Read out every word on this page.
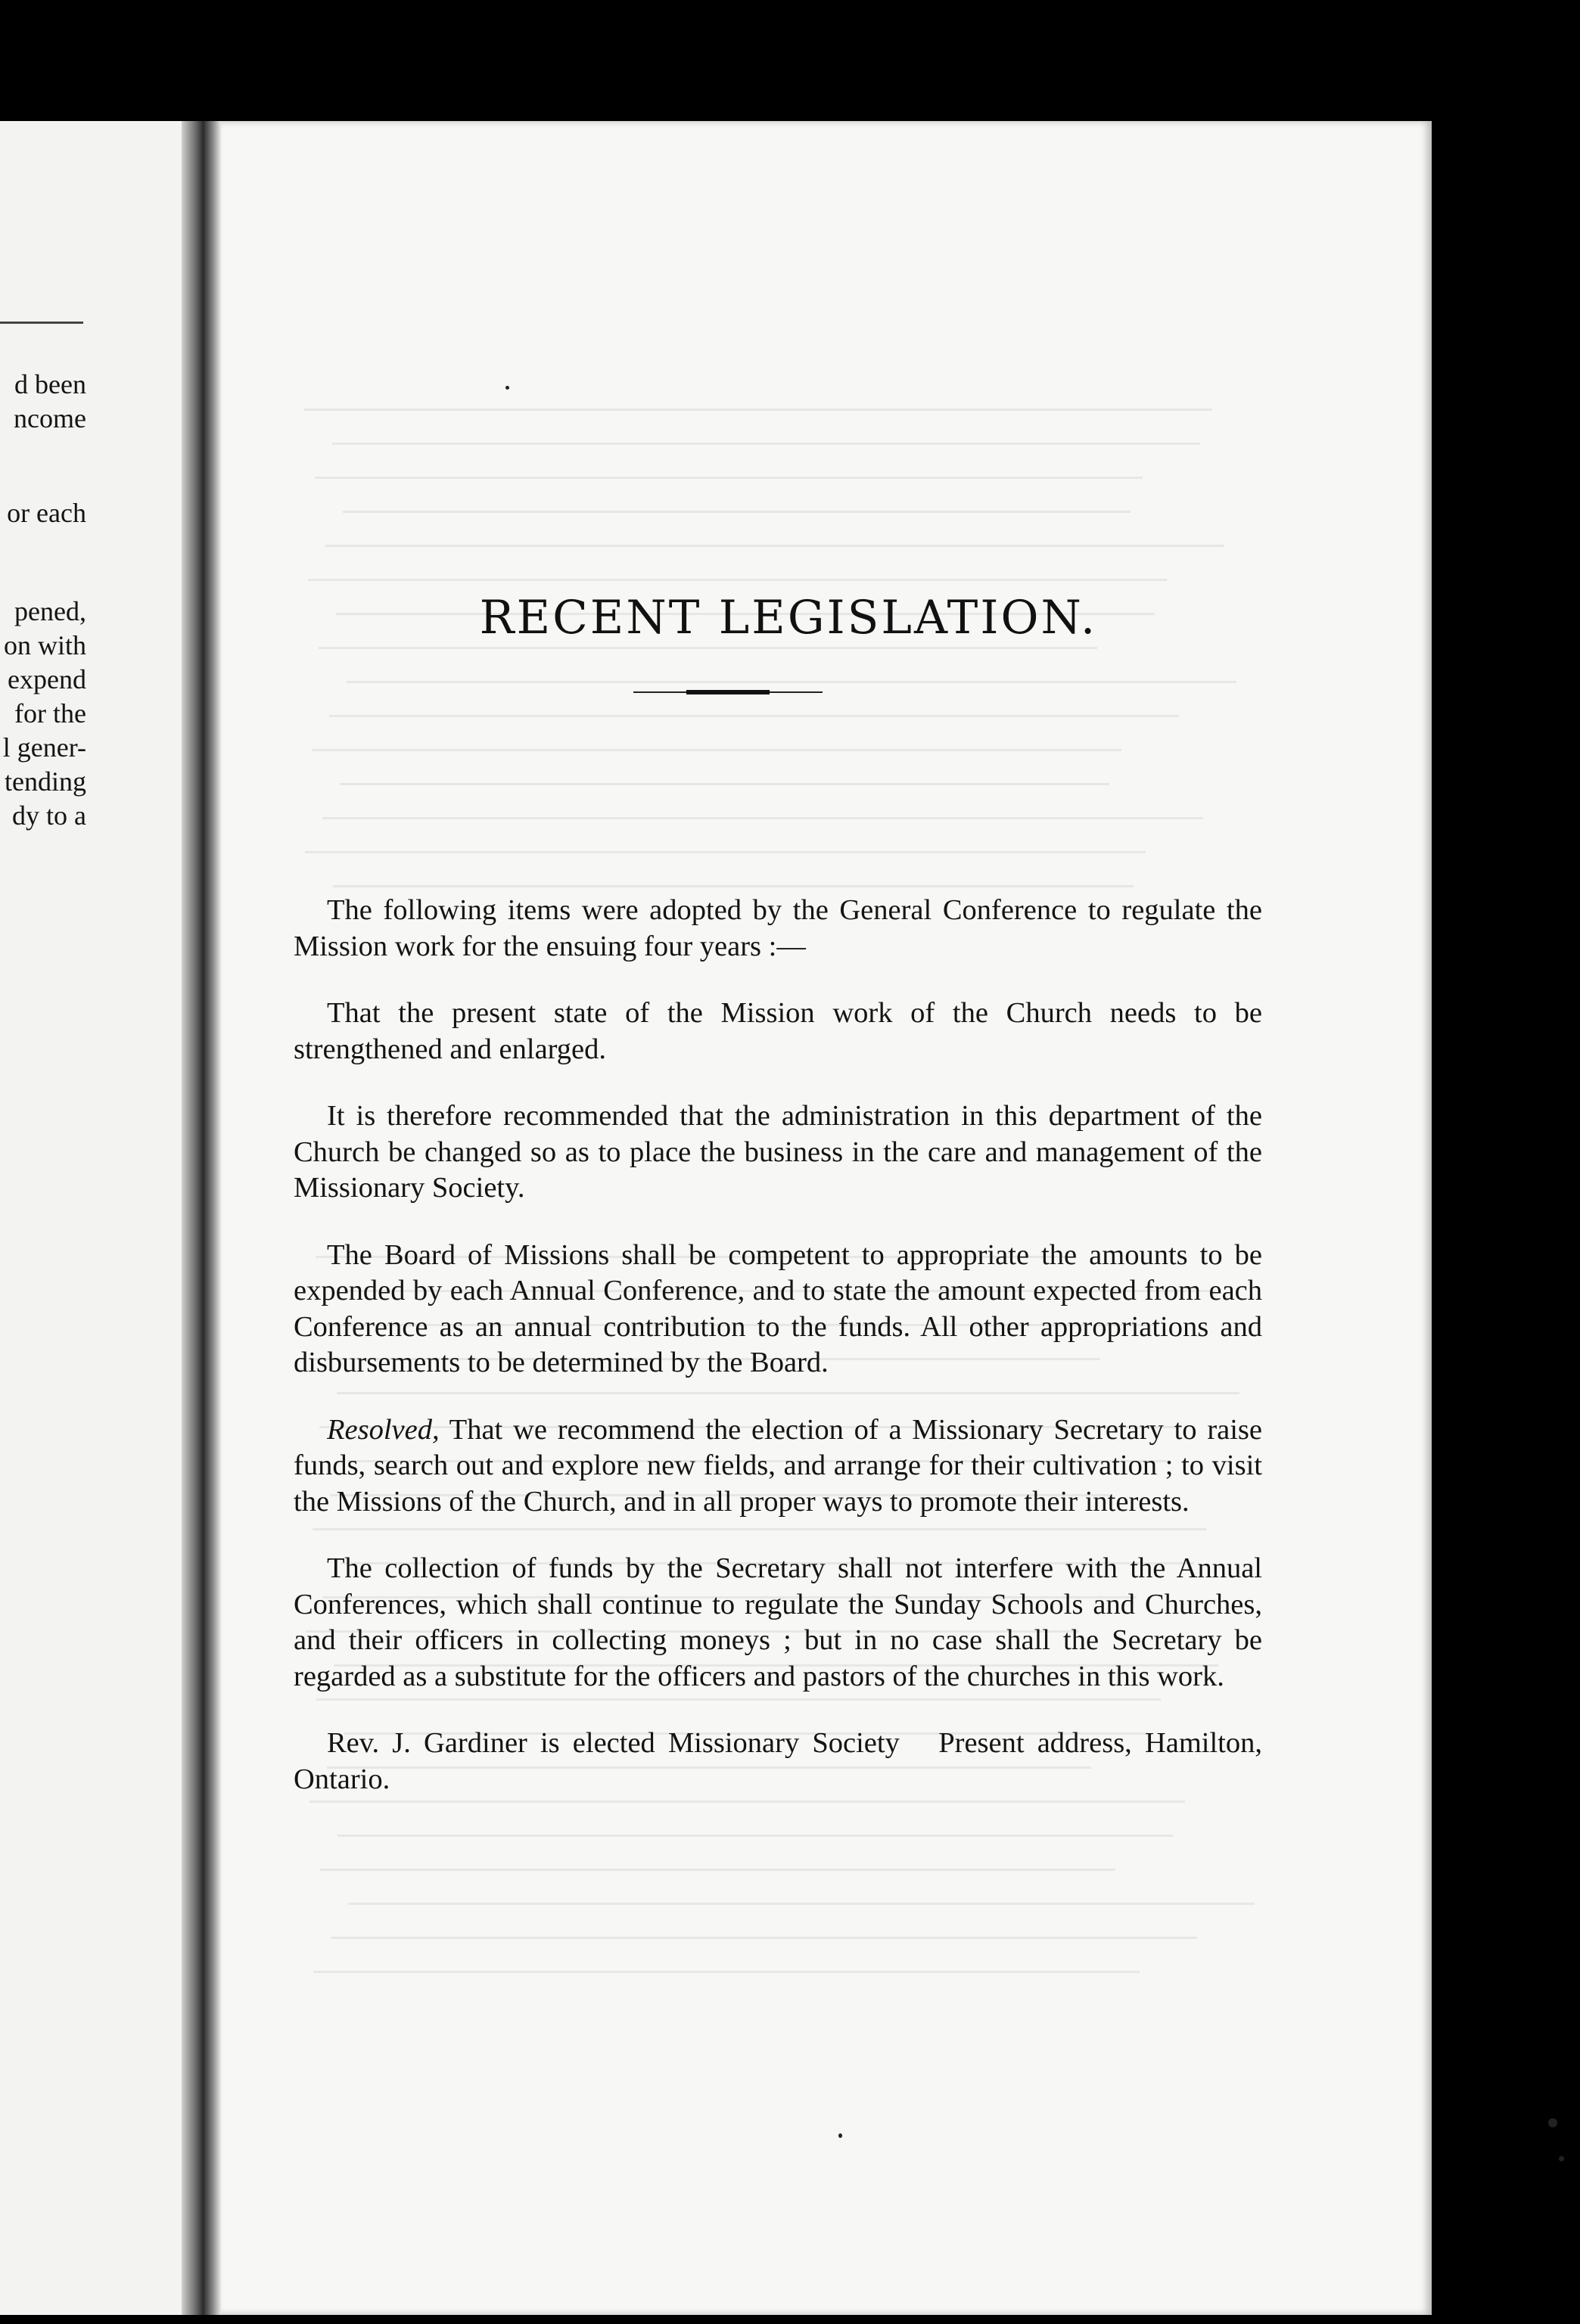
d been
ncome
or each
pened,
on with
expend
for the
l gener-
tending
dy to a
RECENT LEGISLATION.

The following items were adopted by the General Conference to regulate the Mission work for the ensuing four years :—

That the present state of the Mission work of the Church needs to be strengthened and enlarged.

It is therefore recommended that the administration in this department of the Church be changed so as to place the business in the care and management of the Missionary Society.

The Board of Missions shall be competent to appropriate the amounts to be expended by each Annual Conference, and to state the amount expected from each Conference as an annual contribution to the funds. All other appropriations and disbursements to be determined by the Board.

Resolved, That we recommend the election of a Missionary Secretary to raise funds, search out and explore new fields, and arrange for their cultivation ; to visit the Missions of the Church, and in all proper ways to promote their interests.

The collection of funds by the Secretary shall not interfere with the Annual Conferences, which shall continue to regulate the Sunday Schools and Churches, and their officers in collecting moneys ; but in no case shall the Secretary be regarded as a substitute for the officers and pastors of the churches in this work.

Rev. J. Gardiner is elected Missionary Society   Present address, Hamilton, Ontario.
